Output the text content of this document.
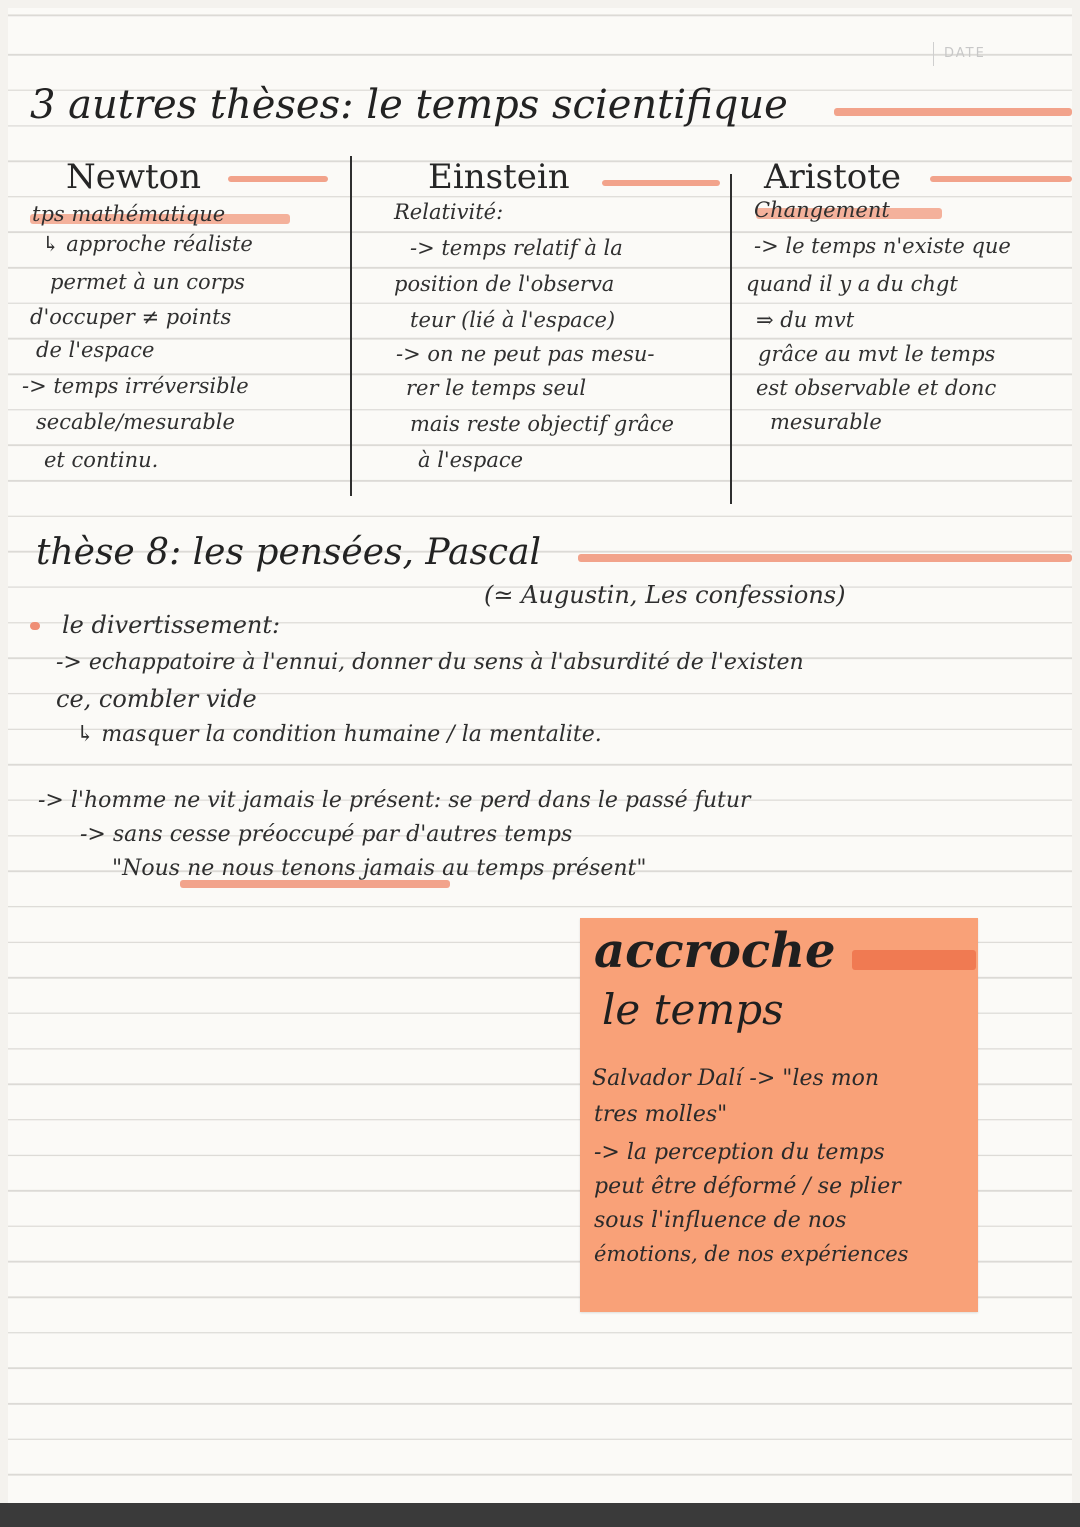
DATE
3 autres thèses: le temps scientifique
Newton
tps mathématique
↳ approche réaliste
permet à un corps
d'occuper ≠ points
de l'espace
-> temps irréversible
secable/mesurable
et continu.
Einstein
Relativité:
-> temps relatif à la
position de l'observa
teur (lié à l'espace)
-> on ne peut pas mesu-
rer le temps seul
mais reste objectif grâce
à l'espace
Aristote
Changement
-> le temps n'existe que
quand il y a du chgt
⇒ du mvt
grâce au mvt le temps
est observable et donc
mesurable
thèse 8: les pensées, Pascal
(≃ Augustin, Les confessions)
le divertissement:
-> echappatoire à l'ennui, donner du sens à l'absurdité de l'existen
ce, combler vide
↳ masquer la condition humaine / la mentalite.
-> l'homme ne vit jamais le présent: se perd dans le passé futur
-> sans cesse préoccupé par d'autres temps
"Nous ne nous tenons jamais au temps présent"
accroche
le temps
Salvador Dalí -> "les mon
tres molles"
-> la perception du temps
peut être déformé / se plier
sous l'influence de nos
émotions, de nos expériences
